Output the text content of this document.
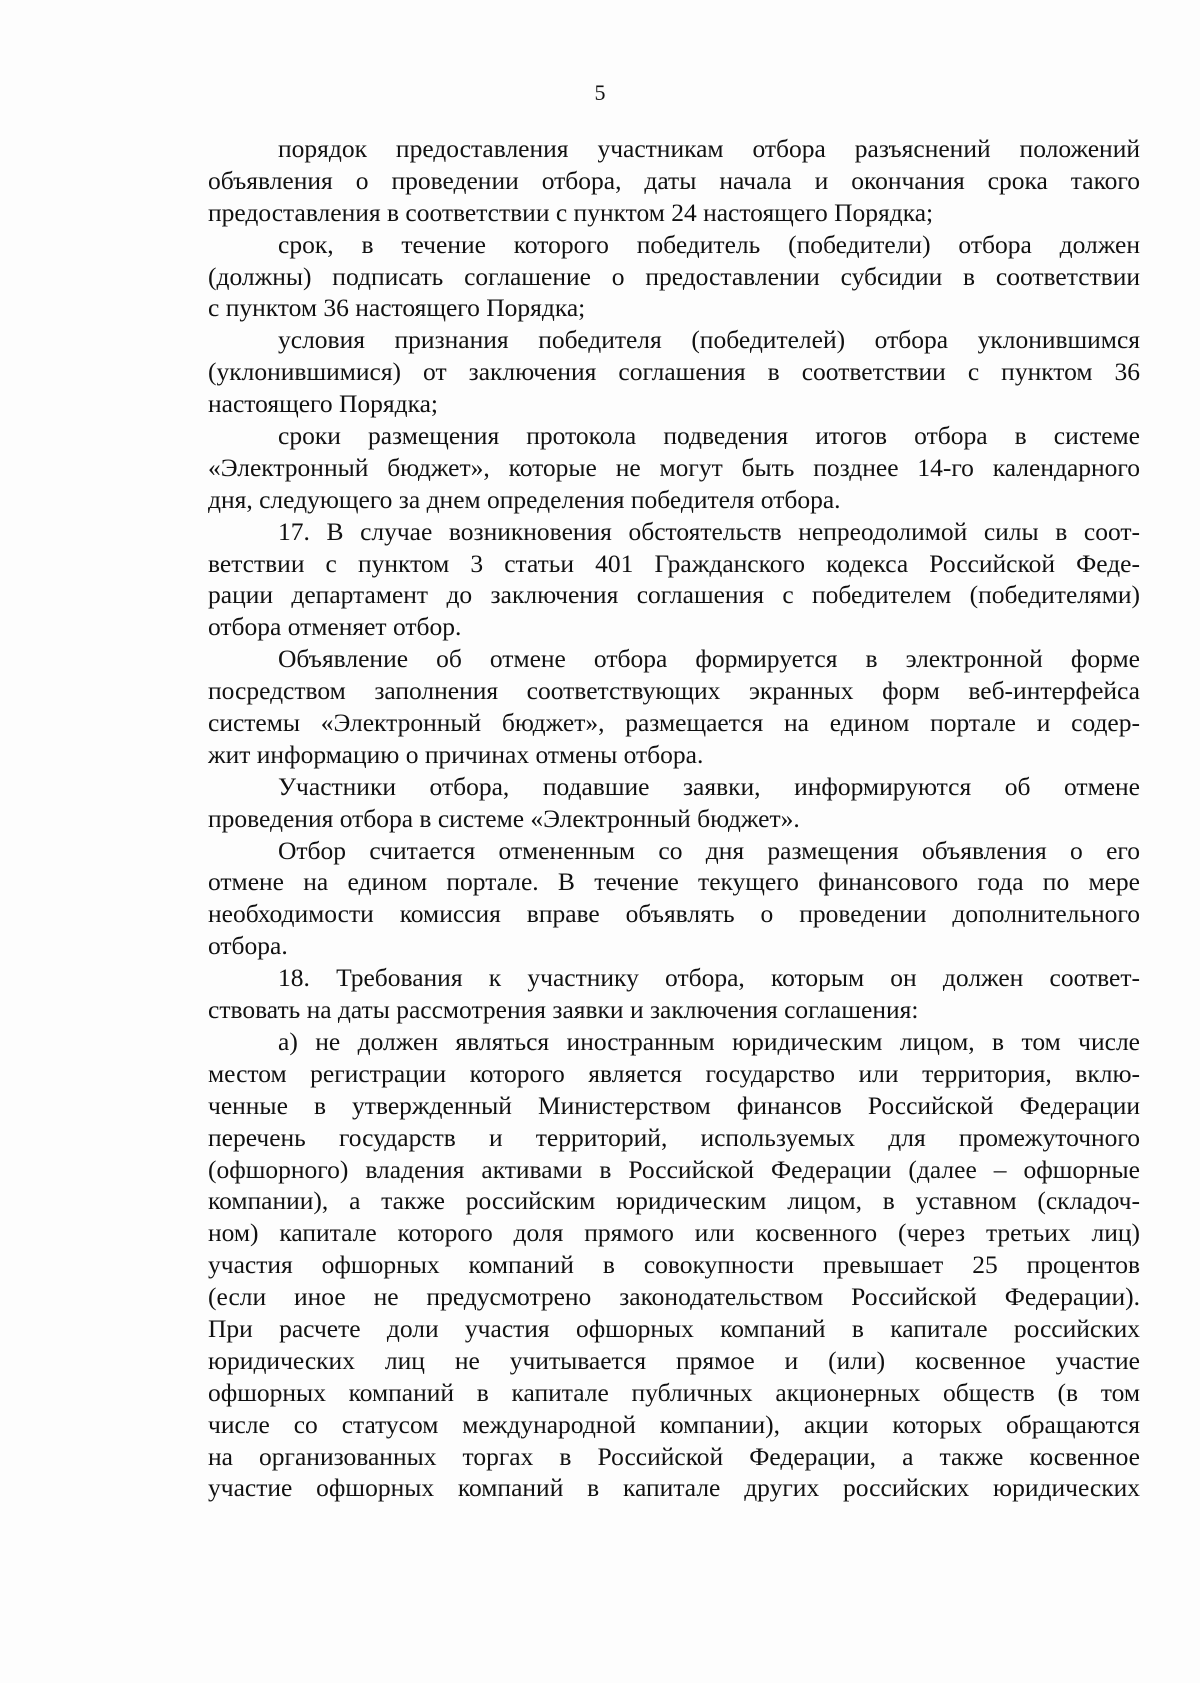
5
порядок предоставления участникам отбора разъяснений положений
объявления о проведении отбора, даты начала и окончания срока такого
предоставления в соответствии с пунктом 24 настоящего Порядка;
срок, в течение которого победитель (победители) отбора должен
(должны) подписать соглашение о предоставлении субсидии в соответствии
с пунктом 36 настоящего Порядка;
условия признания победителя (победителей) отбора уклонившимся
(уклонившимися) от заключения соглашения в соответствии с пунктом 36
настоящего Порядка;
сроки размещения протокола подведения итогов отбора в системе
«Электронный бюджет», которые не могут быть позднее 14-го календарного
дня, следующего за днем определения победителя отбора.
17. В случае возникновения обстоятельств непреодолимой силы в соот-
ветствии с пунктом 3 статьи 401 Гражданского кодекса Российской Феде-
рации департамент до заключения соглашения с победителем (победителями)
отбора отменяет отбор.
Объявление об отмене отбора формируется в электронной форме
посредством заполнения соответствующих экранных форм веб-интерфейса
системы «Электронный бюджет», размещается на едином портале и содер-
жит информацию о причинах отмены отбора.
Участники отбора, подавшие заявки, информируются об отмене
проведения отбора в системе «Электронный бюджет».
Отбор считается отмененным со дня размещения объявления о его
отмене на едином портале. В течение текущего финансового года по мере
необходимости комиссия вправе объявлять о проведении дополнительного
отбора.
18. Требования к участнику отбора, которым он должен соответ-
ствовать на даты рассмотрения заявки и заключения соглашения:
а) не должен являться иностранным юридическим лицом, в том числе
местом регистрации которого является государство или территория, вклю-
ченные в утвержденный Министерством финансов Российской Федерации
перечень государств и территорий, используемых для промежуточного
(офшорного) владения активами в Российской Федерации (далее – офшорные
компании), а также российским юридическим лицом, в уставном (складоч-
ном) капитале которого доля прямого или косвенного (через третьих лиц)
участия офшорных компаний в совокупности превышает 25 процентов
(если иное не предусмотрено законодательством Российской Федерации).
При расчете доли участия офшорных компаний в капитале российских
юридических лиц не учитывается прямое и (или) косвенное участие
офшорных компаний в капитале публичных акционерных обществ (в том
числе со статусом международной компании), акции которых обращаются
на организованных торгах в Российской Федерации, а также косвенное
участие офшорных компаний в капитале других российских юридических
